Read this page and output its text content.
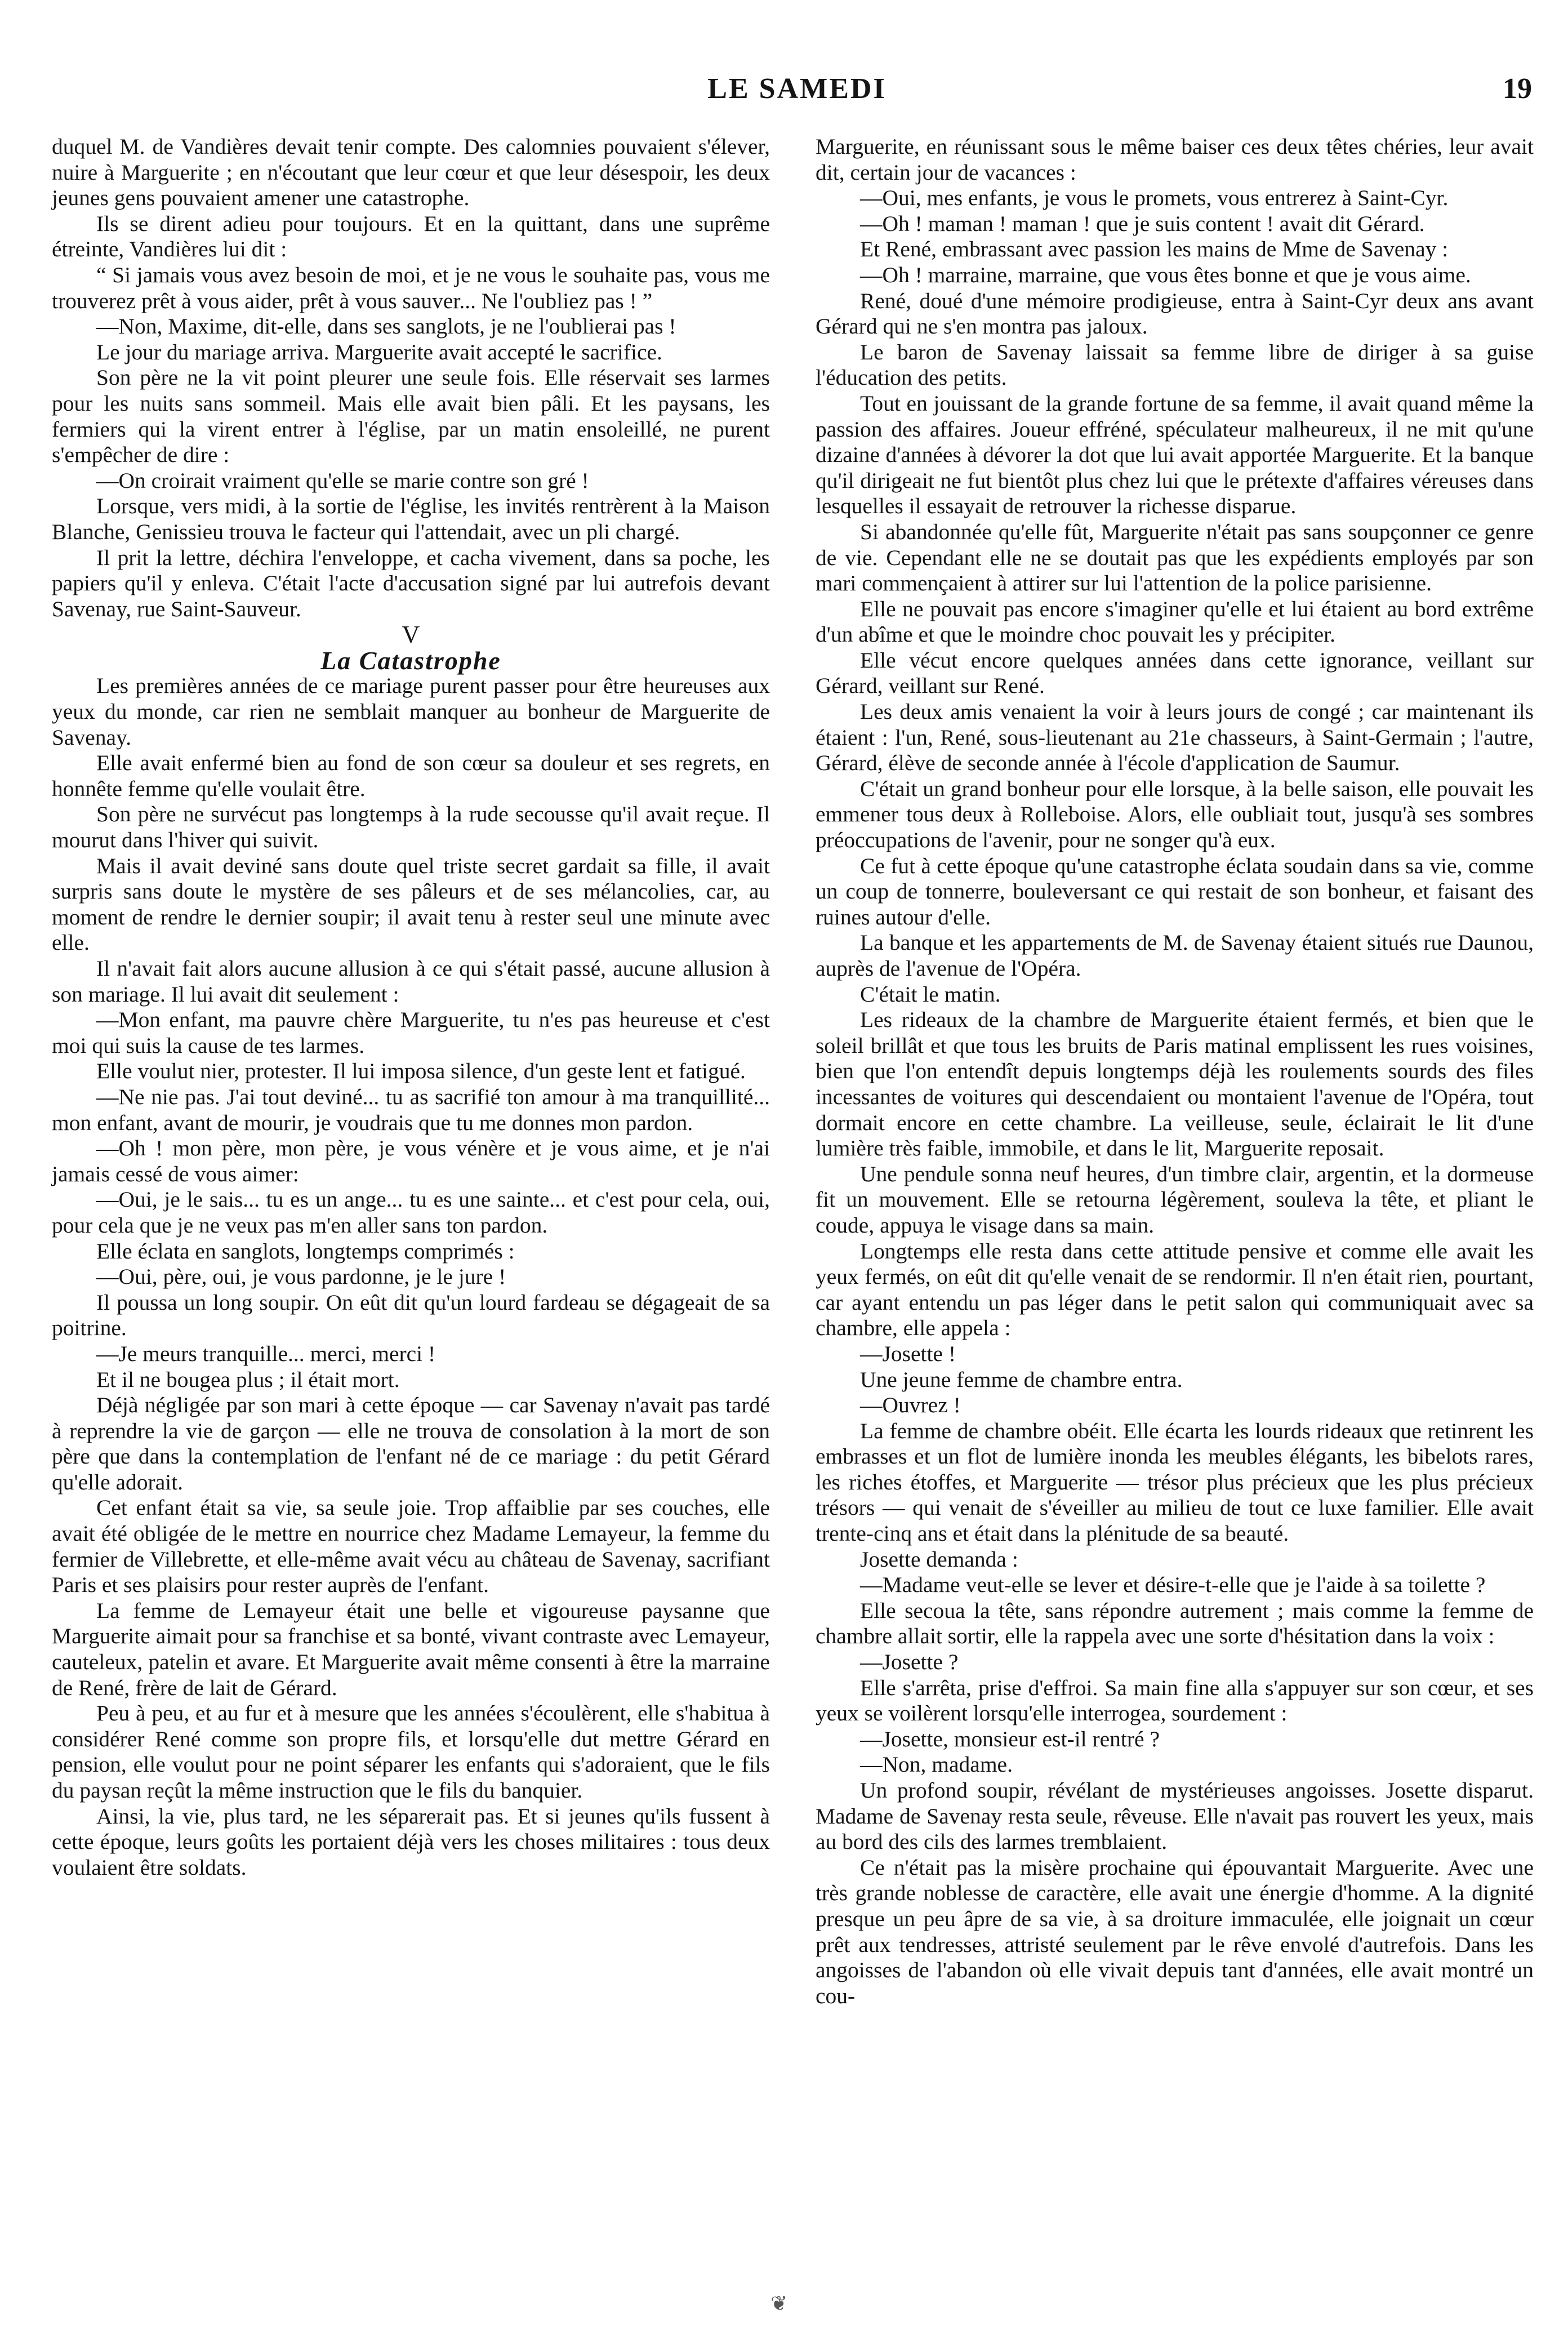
LE SAMEDI	19

duquel M. de Vandières devait tenir compte. Des calomnies pouvaient s'élever, nuire à Marguerite ; en n'écoutant que leur cœur et que leur désespoir, les deux jeunes gens pouvaient amener une catastrophe.

Ils se dirent adieu pour toujours. Et en la quittant, dans une suprême étreinte, Vandières lui dit :

“ Si jamais vous avez besoin de moi, et je ne vous le souhaite pas, vous me trouverez prêt à vous aider, prêt à vous sauver... Ne l'oubliez pas ! ”

—Non, Maxime, dit-elle, dans ses sanglots, je ne l'oublierai pas !

Le jour du mariage arriva. Marguerite avait accepté le sacrifice.

Son père ne la vit point pleurer une seule fois. Elle réservait ses larmes pour les nuits sans sommeil. Mais elle avait bien pâli. Et les paysans, les fermiers qui la virent entrer à l'église, par un matin ensoleillé, ne purent s'empêcher de dire :

—On croirait vraiment qu'elle se marie contre son gré !

Lorsque, vers midi, à la sortie de l'église, les invités rentrèrent à la Maison Blanche, Genissieu trouva le facteur qui l'attendait, avec un pli chargé.

Il prit la lettre, déchira l'enveloppe, et cacha vivement, dans sa poche, les papiers qu'il y enleva. C'était l'acte d'accusation signé par lui autrefois devant Savenay, rue Saint-Sauveur.

V

La Catastrophe

Les premières années de ce mariage purent passer pour être heureuses aux yeux du monde, car rien ne semblait manquer au bonheur de Marguerite de Savenay.

Elle avait enfermé bien au fond de son cœur sa douleur et ses regrets, en honnête femme qu'elle voulait être.

Son père ne survécut pas longtemps à la rude secousse qu'il avait reçue. Il mourut dans l'hiver qui suivit.

Mais il avait deviné sans doute quel triste secret gardait sa fille, il avait surpris sans doute le mystère de ses pâleurs et de ses mélancolies, car, au moment de rendre le dernier soupir; il avait tenu à rester seul une minute avec elle.

Il n'avait fait alors aucune allusion à ce qui s'était passé, aucune allusion à son mariage. Il lui avait dit seulement :

—Mon enfant, ma pauvre chère Marguerite, tu n'es pas heureuse et c'est moi qui suis la cause de tes larmes.

Elle voulut nier, protester. Il lui imposa silence, d'un geste lent et fatigué.

—Ne nie pas. J'ai tout deviné... tu as sacrifié ton amour à ma tranquillité... mon enfant, avant de mourir, je voudrais que tu me donnes mon pardon.

—Oh ! mon père, mon père, je vous vénère et je vous aime, et je n'ai jamais cessé de vous aimer:

—Oui, je le sais... tu es un ange... tu es une sainte... et c'est pour cela, oui, pour cela que je ne veux pas m'en aller sans ton pardon.

Elle éclata en sanglots, longtemps comprimés :

—Oui, père, oui, je vous pardonne, je le jure !

Il poussa un long soupir. On eût dit qu'un lourd fardeau se dégageait de sa poitrine.

—Je meurs tranquille... merci, merci !

Et il ne bougea plus ; il était mort.

Déjà négligée par son mari à cette époque — car Savenay n'avait pas tardé à reprendre la vie de garçon — elle ne trouva de consolation à la mort de son père que dans la contemplation de l'enfant né de ce mariage : du petit Gérard qu'elle adorait.

Cet enfant était sa vie, sa seule joie. Trop affaiblie par ses couches, elle avait été obligée de le mettre en nourrice chez Madame Lemayeur, la femme du fermier de Villebrette, et elle-même avait vécu au château de Savenay, sacrifiant Paris et ses plaisirs pour rester auprès de l'enfant.

La femme de Lemayeur était une belle et vigoureuse paysanne que Marguerite aimait pour sa franchise et sa bonté, vivant contraste avec Lemayeur, cauteleux, patelin et avare. Et Marguerite avait même consenti à être la marraine de René, frère de lait de Gérard.

Peu à peu, et au fur et à mesure que les années s'écoulèrent, elle s'habitua à considérer René comme son propre fils, et lorsqu'elle dut mettre Gérard en pension, elle voulut pour ne point séparer les enfants qui s'adoraient, que le fils du paysan reçût la même instruction que le fils du banquier.

Ainsi, la vie, plus tard, ne les séparerait pas. Et si jeunes qu'ils fussent à cette époque, leurs goûts les portaient déjà vers les choses militaires : tous deux voulaient être soldats.

Marguerite, en réunissant sous le même baiser ces deux têtes chéries, leur avait dit, certain jour de vacances :

—Oui, mes enfants, je vous le promets, vous entrerez à Saint-Cyr.

—Oh ! maman ! maman ! que je suis content ! avait dit Gérard.

Et René, embrassant avec passion les mains de Mme de Savenay :

—Oh ! marraine, marraine, que vous êtes bonne et que je vous aime.

René, doué d'une mémoire prodigieuse, entra à Saint-Cyr deux ans avant Gérard qui ne s'en montra pas jaloux.

Le baron de Savenay laissait sa femme libre de diriger à sa guise l'éducation des petits.

Tout en jouissant de la grande fortune de sa femme, il avait quand même la passion des affaires. Joueur effréné, spéculateur malheureux, il ne mit qu'une dizaine d'années à dévorer la dot que lui avait apportée Marguerite. Et la banque qu'il dirigeait ne fut bientôt plus chez lui que le prétexte d'affaires véreuses dans lesquelles il essayait de retrouver la richesse disparue.

Si abandonnée qu'elle fût, Marguerite n'était pas sans soupçonner ce genre de vie. Cependant elle ne se doutait pas que les expédients employés par son mari commençaient à attirer sur lui l'attention de la police parisienne.

Elle ne pouvait pas encore s'imaginer qu'elle et lui étaient au bord extrême d'un abîme et que le moindre choc pouvait les y précipiter.

Elle vécut encore quelques années dans cette ignorance, veillant sur Gérard, veillant sur René.

Les deux amis venaient la voir à leurs jours de congé ; car maintenant ils étaient : l'un, René, sous-lieutenant au 21e chasseurs, à Saint-Germain ; l'autre, Gérard, élève de seconde année à l'école d'application de Saumur.

C'était un grand bonheur pour elle lorsque, à la belle saison, elle pouvait les emmener tous deux à Rolleboise. Alors, elle oubliait tout, jusqu'à ses sombres préoccupations de l'avenir, pour ne songer qu'à eux.

Ce fut à cette époque qu'une catastrophe éclata soudain dans sa vie, comme un coup de tonnerre, bouleversant ce qui restait de son bonheur, et faisant des ruines autour d'elle.

La banque et les appartements de M. de Savenay étaient situés rue Daunou, auprès de l'avenue de l'Opéra.

C'était le matin.

Les rideaux de la chambre de Marguerite étaient fermés, et bien que le soleil brillât et que tous les bruits de Paris matinal emplissent les rues voisines, bien que l'on entendît depuis longtemps déjà les roulements sourds des files incessantes de voitures qui descendaient ou montaient l'avenue de l'Opéra, tout dormait encore en cette chambre. La veilleuse, seule, éclairait le lit d'une lumière très faible, immobile, et dans le lit, Marguerite reposait.

Une pendule sonna neuf heures, d'un timbre clair, argentin, et la dormeuse fit un mouvement. Elle se retourna légèrement, souleva la tête, et pliant le coude, appuya le visage dans sa main.

Longtemps elle resta dans cette attitude pensive et comme elle avait les yeux fermés, on eût dit qu'elle venait de se rendormir. Il n'en était rien, pourtant, car ayant entendu un pas léger dans le petit salon qui communiquait avec sa chambre, elle appela :

—Josette !

Une jeune femme de chambre entra.

—Ouvrez !

La femme de chambre obéit. Elle écarta les lourds rideaux que retinrent les embrasses et un flot de lumière inonda les meubles élégants, les bibelots rares, les riches étoffes, et Marguerite — trésor plus précieux que les plus précieux trésors — qui venait de s'éveiller au milieu de tout ce luxe familier. Elle avait trente-cinq ans et était dans la plénitude de sa beauté.

Josette demanda :

—Madame veut-elle se lever et désire-t-elle que je l'aide à sa toilette ?

Elle secoua la tête, sans répondre autrement ; mais comme la femme de chambre allait sortir, elle la rappela avec une sorte d'hésitation dans la voix :

—Josette ?

Elle s'arrêta, prise d'effroi. Sa main fine alla s'appuyer sur son cœur, et ses yeux se voilèrent lorsqu'elle interrogea, sourdement :

—Josette, monsieur est-il rentré ?

—Non, madame.

Un profond soupir, révélant de mystérieuses angoisses. Josette disparut. Madame de Savenay resta seule, rêveuse. Elle n'avait pas rouvert les yeux, mais au bord des cils des larmes tremblaient.

Ce n'était pas la misère prochaine qui épouvantait Marguerite. Avec une très grande noblesse de caractère, elle avait une énergie d'homme. A la dignité presque un peu âpre de sa vie, à sa droiture immaculée, elle joignait un cœur prêt aux tendresses, attristé seulement par le rêve envolé d'autrefois. Dans les angoisses de l'abandon où elle vivait depuis tant d'années, elle avait montré un cou-

❦
